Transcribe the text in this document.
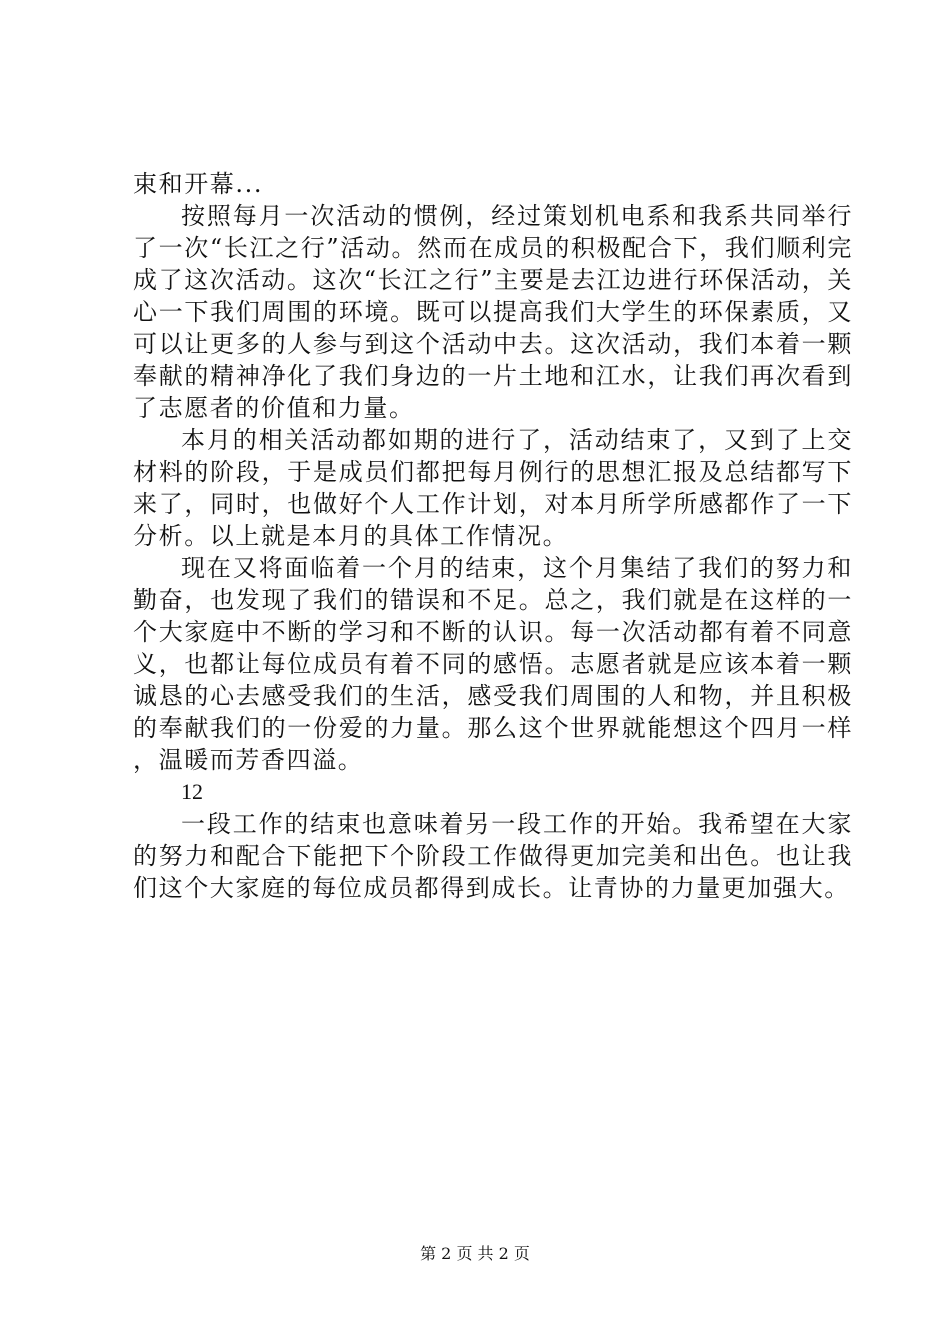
束和开幕...

按照每月一次活动的惯例，经过策划机电系和我系共同举行了一次“长江之行”活动。然而在成员的积极配合下，我们顺利完成了这次活动。这次“长江之行”主要是去江边进行环保活动，关心一下我们周围的环境。既可以提高我们大学生的环保素质，又可以让更多的人参与到这个活动中去。这次活动，我们本着一颗奉献的精神净化了我们身边的一片土地和江水，让我们再次看到了志愿者的价值和力量。

本月的相关活动都如期的进行了，活动结束了，又到了上交材料的阶段，于是成员们都把每月例行的思想汇报及总结都写下来了，同时，也做好个人工作计划，对本月所学所感都作了一下分析。以上就是本月的具体工作情况。

现在又将面临着一个月的结束，这个月集结了我们的努力和勤奋，也发现了我们的错误和不足。总之，我们就是在这样的一个大家庭中不断的学习和不断的认识。每一次活动都有着不同意义，也都让每位成员有着不同的感悟。志愿者就是应该本着一颗诚恳的心去感受我们的生活，感受我们周围的人和物，并且积极的奉献我们的一份爱的力量。那么这个世界就能想这个四月一样，温暖而芳香四溢。

12

一段工作的结束也意味着另一段工作的开始。我希望在大家的努力和配合下能把下个阶段工作做得更加完美和出色。也让我们这个大家庭的每位成员都得到成长。让青协的力量更加强大。

第 2 页 共 2 页
